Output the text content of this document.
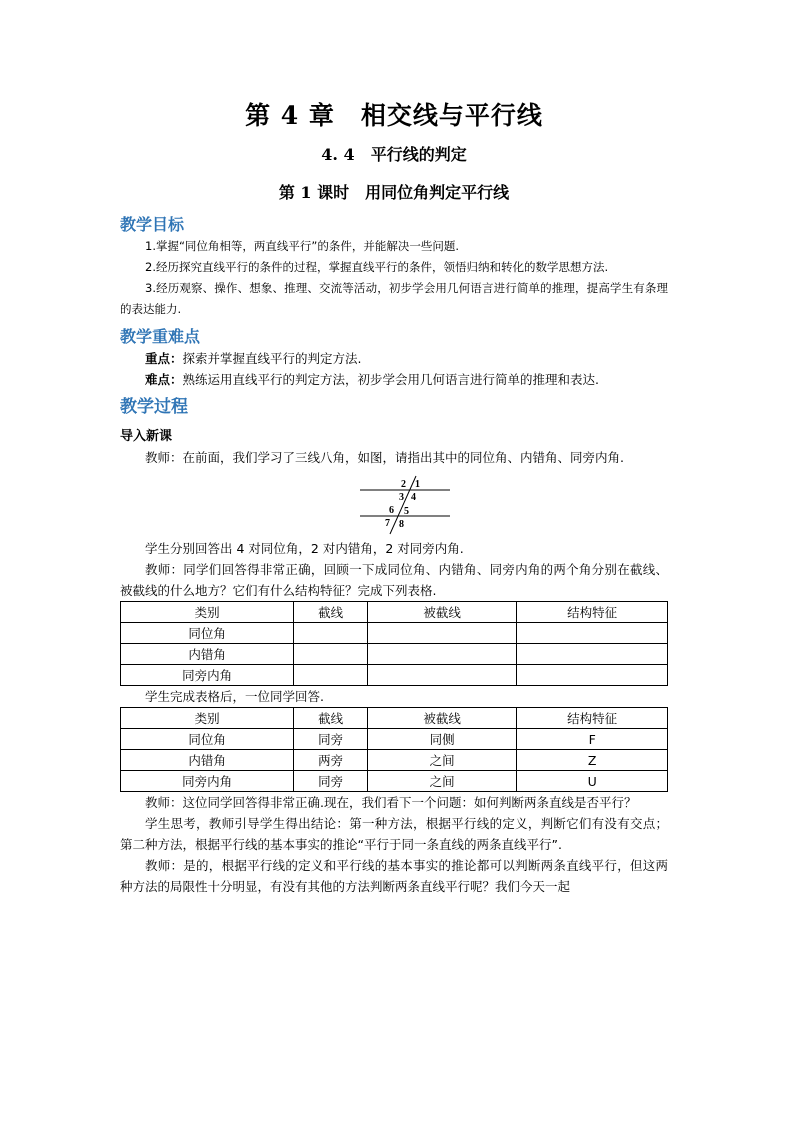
第 4 章　相交线与平行线
4. 4　平行线的判定
第 1 课时　用同位角判定平行线
教学目标

1.掌握“同位角相等，两直线平行”的条件，并能解决一些问题.

2.经历探究直线平行的条件的过程，掌握直线平行的条件，领悟归纳和转化的数学思想方法.

3.经历观察、操作、想象、推理、交流等活动，初步学会用几何语言进行简单的推理，提高学生有条理的表达能力.

教学重难点

重点：探索并掌握直线平行的判定方法.

难点：熟练运用直线平行的判定方法，初步学会用几何语言进行简单的推理和表达.

教学过程
导入新课

教师：在前面，我们学习了三线八角，如图，请指出其中的同位角、内错角、同旁内角.

2 1
3 4
6 5
7 8

学生分别回答出 4 对同位角，2 对内错角，2 对同旁内角.

教师：同学们回答得非常正确，回顾一下成同位角、内错角、同旁内角的两个角分别在截线、被截线的什么地方？它们有什么结构特征？完成下列表格.

类别	截线	被截线	结构特征
同位角			
内错角			
同旁内角			

学生完成表格后，一位同学回答.

类别	截线	被截线	结构特征
同位角	同旁	同侧	F
内错角	两旁	之间	Z
同旁内角	同旁	之间	U

教师：这位同学回答得非常正确.现在，我们看下一个问题：如何判断两条直线是否平行？

学生思考，教师引导学生得出结论：第一种方法，根据平行线的定义，判断它们有没有交点；第二种方法，根据平行线的基本事实的推论“平行于同一条直线的两条直线平行”.

教师：是的，根据平行线的定义和平行线的基本事实的推论都可以判断两条直线平行，但这两种方法的局限性十分明显，有没有其他的方法判断两条直线平行呢？我们今天一起
